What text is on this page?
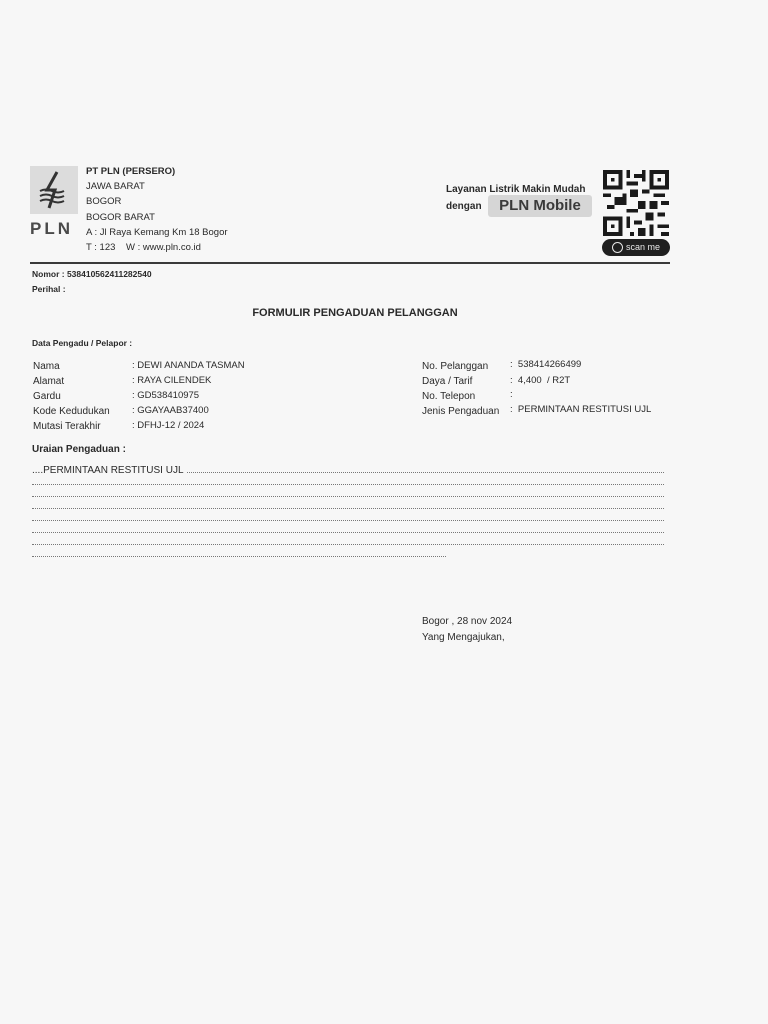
PLN
PT PLN (PERSERO)
JAWA BARAT
BOGOR
BOGOR BARAT
A : Jl Raya Kemang Km 18 Bogor
T : 123    W : www.pln.co.id
Layanan Listrik Makin Mudah
dengan	PLN Mobile
scan me
Nomor : 538410562411282540
Perihal :
FORMULIR PENGADUAN PELANGGAN
Data Pengadu / Pelapor :
Nama	: DEWI ANANDA TASMAN
Alamat	: RAYA CILENDEK
Gardu	: GD538410975
Kode Kedudukan : GGAYAAB37400
Mutasi Terakhir	: DFHJ-12 / 2024
No. Pelanggan :  538414266499
Daya / Tarif	:  4,400  / R2T
No. Telepon	:
Jenis Pengaduan :  PERMINTAAN RESTITUSI UJL
Uraian Pengaduan :
....PERMINTAAN RESTITUSI UJL
Bogor , 28 nov 2024
Yang Mengajukan,
